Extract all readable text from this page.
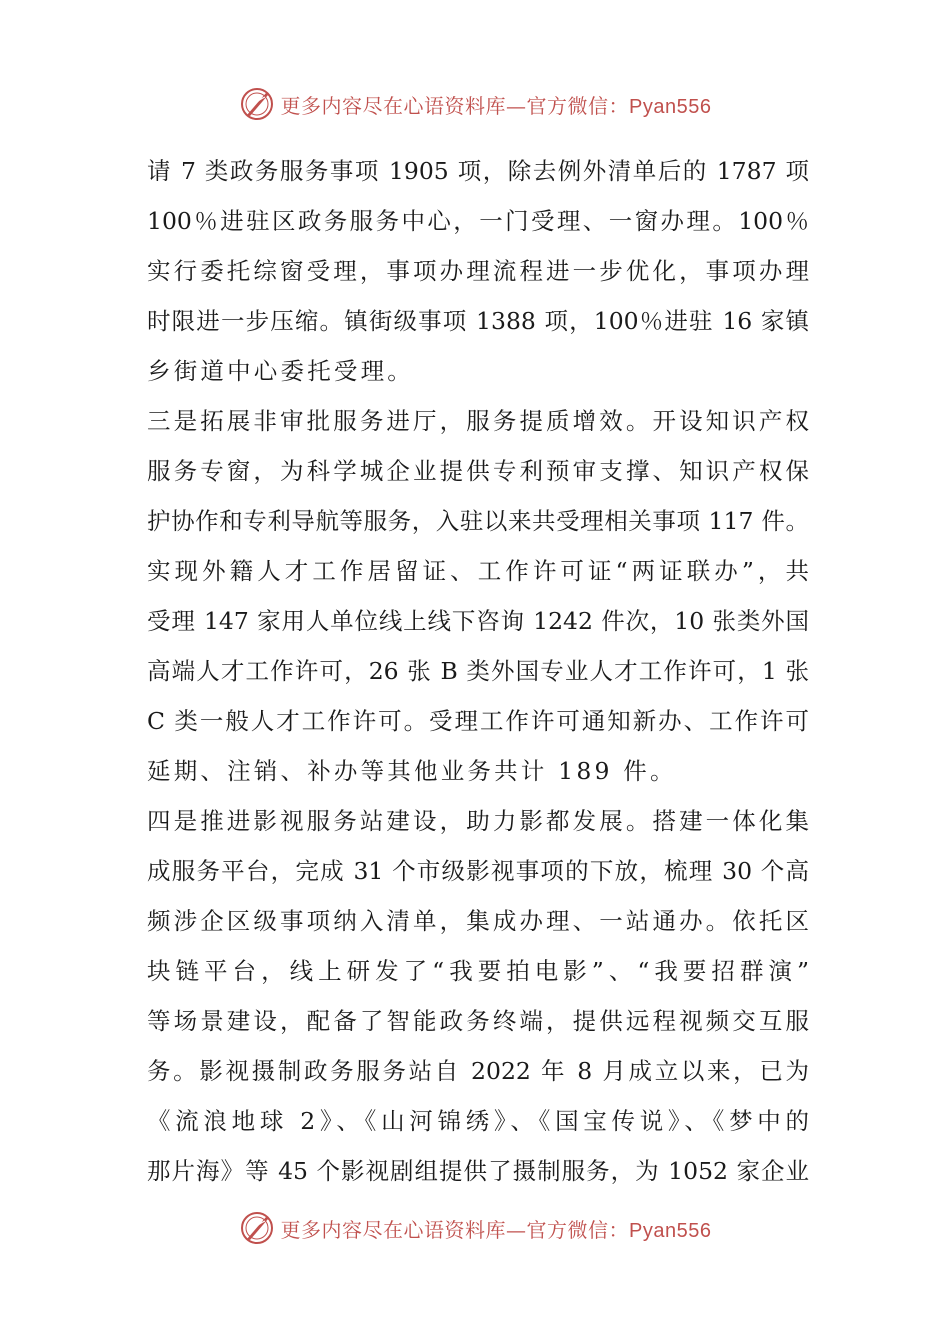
更多内容尽在心语资料库—官方微信：Pyan556
请 7 类政务服务事项 1905 项，除去例外清单后的 1787 项
100％进驻区政务服务中心，一门受理、一窗办理。100％
实行委托综窗受理，事项办理流程进一步优化，事项办理
时限进一步压缩。镇街级事项 1388 项，100％进驻 16 家镇
乡街道中心委托受理。
三是拓展非审批服务进厅，服务提质增效。开设知识产权
服务专窗，为科学城企业提供专利预审支撑、知识产权保
护协作和专利导航等服务，入驻以来共受理相关事项 117 件。
实现外籍人才工作居留证、工作许可证“两证联办”，共
受理 147 家用人单位线上线下咨询 1242 件次，10 张类外国
高端人才工作许可，26 张 B 类外国专业人才工作许可，1 张
C 类一般人才工作许可。受理工作许可通知新办、工作许可
延期、注销、补办等其他业务共计 189 件。
四是推进影视服务站建设，助力影都发展。搭建一体化集
成服务平台，完成 31 个市级影视事项的下放，梳理 30 个高
频涉企区级事项纳入清单，集成办理、一站通办。依托区
块链平台，线上研发了“我要拍电影”、“我要招群演”
等场景建设，配备了智能政务终端，提供远程视频交互服
务。影视摄制政务服务站自 2022 年 8 月成立以来，已为
《流浪地球 2》、《山河锦绣》、《国宝传说》、《梦中的
那片海》等 45 个影视剧组提供了摄制服务，为 1052 家企业
更多内容尽在心语资料库—官方微信：Pyan556
